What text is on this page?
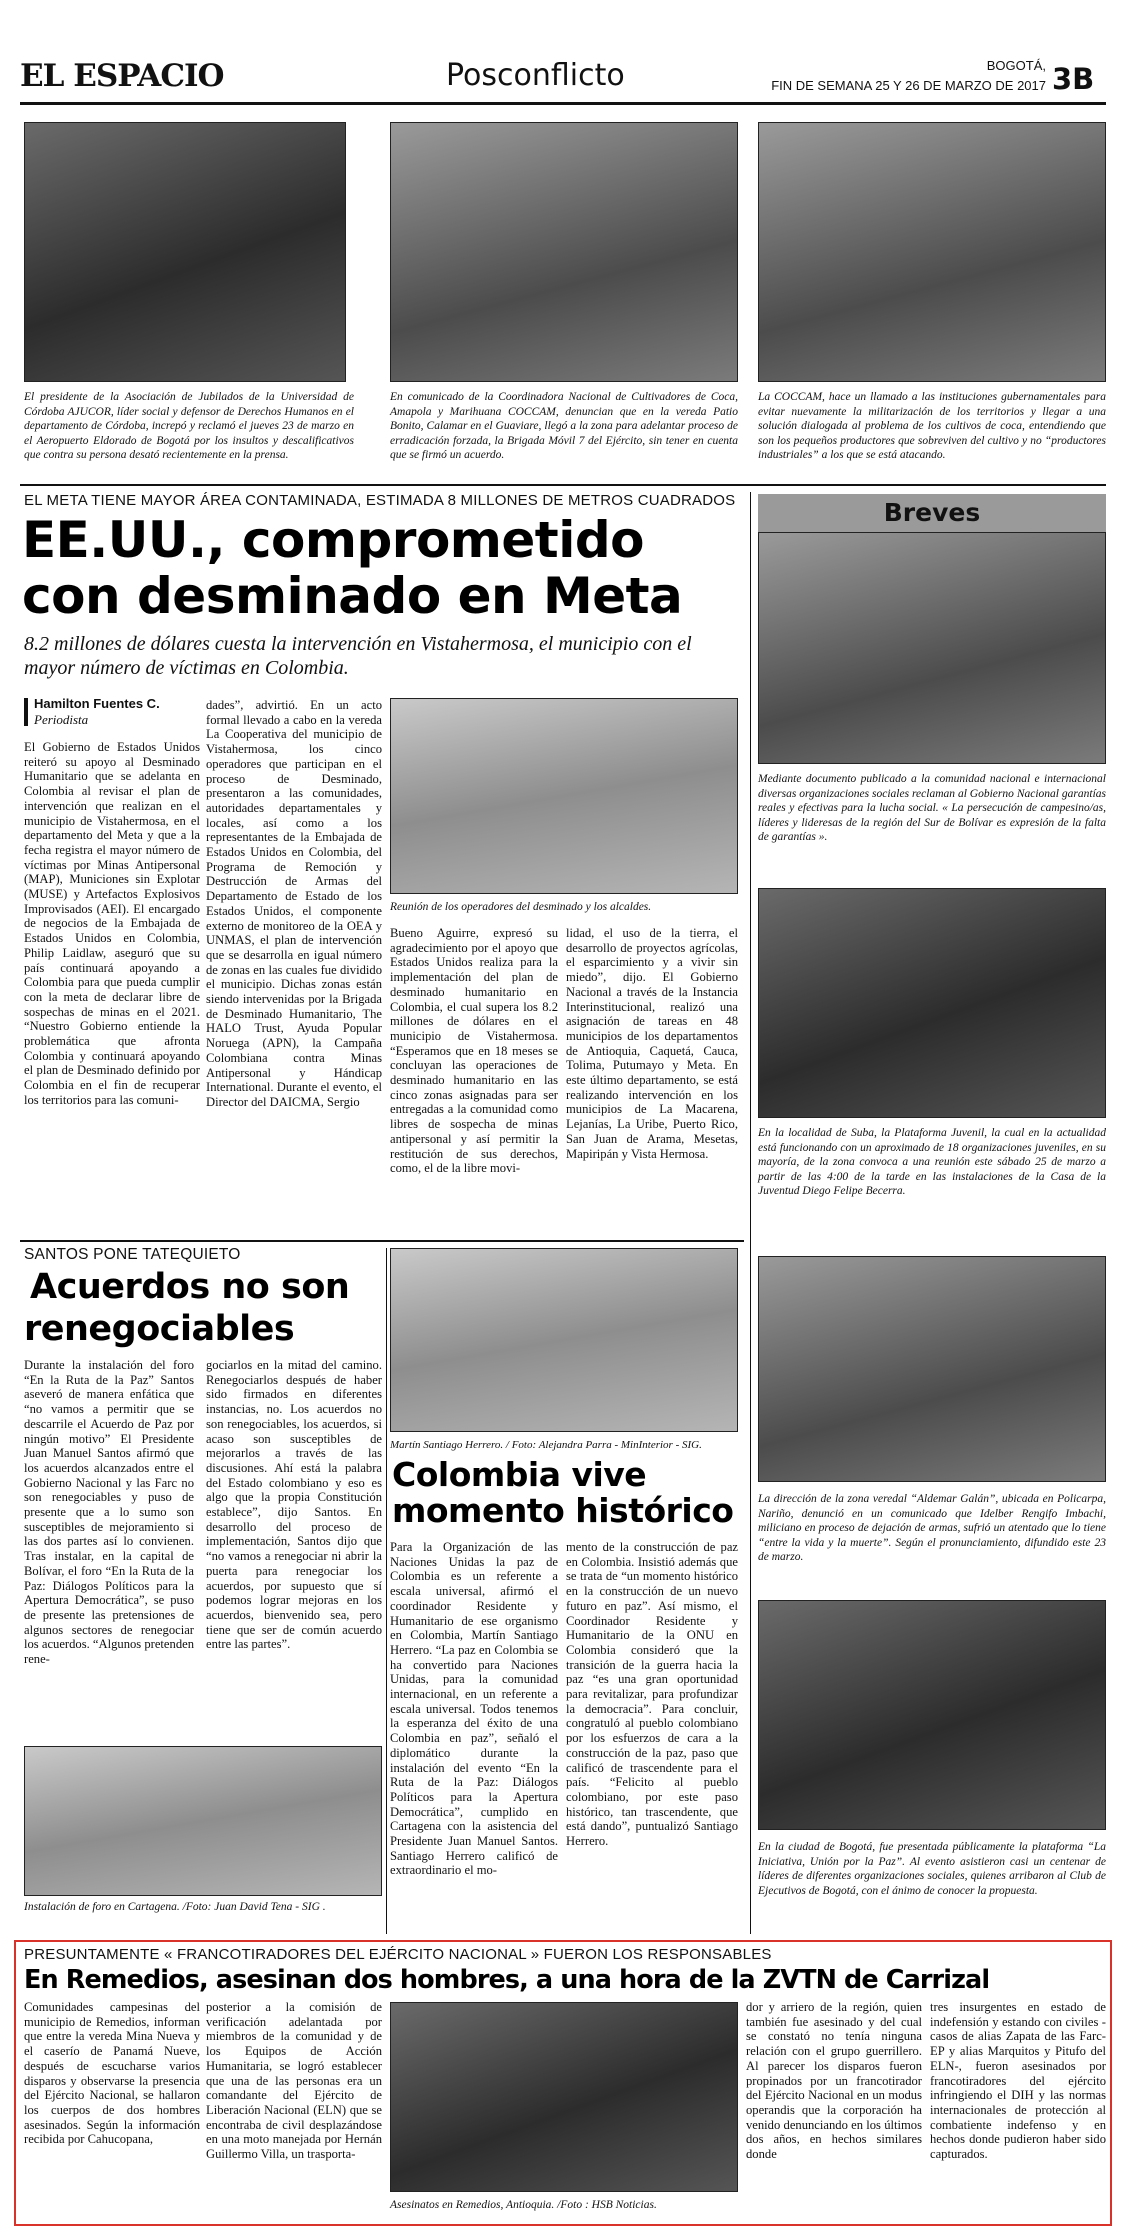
EL ESPACIO	Posconflicto	BOGOTÁ,
FIN DE SEMANA 25 Y 26 DE MARZO DE 2017 3B
El presidente de la Asociación de Jubilados de la Universidad de Córdoba AJUCOR, líder social y defensor de Derechos Humanos en el departamento de Córdoba, increpó y reclamó el jueves 23 de marzo en el Aeropuerto Eldorado de Bogotá por los insultos y descalificativos que contra su persona desató recientemente en la prensa.
En comunicado de la Coordinadora Nacional de Cultivadores de Coca, Amapola y Marihuana COCCAM, denuncian que en la vereda Patio Bonito, Calamar en el Guaviare, llegó a la zona para adelantar proceso de erradicación forzada, la Brigada Móvil 7 del Ejército, sin tener en cuenta que se firmó un acuerdo.
La COCCAM, hace un llamado a las instituciones gubernamentales para evitar nuevamente la militarización de los territorios y llegar a una solución dialogada al problema de los cultivos de coca, entendiendo que son los pequeños productores que sobreviven del cultivo y no “productores industriales” a los que se está atacando.
EL META TIENE MAYOR ÁREA CONTAMINADA, ESTIMADA 8 MILLONES DE METROS CUADRADOS
EE.UU., comprometido
con desminado en Meta
8.2 millones de dólares cuesta la intervención en Vistahermosa, el municipio con el mayor número de víctimas en Colombia.
Hamilton Fuentes C.
Periodista
El Gobierno de Estados Unidos reiteró su apoyo al Desminado Humanitario que se adelanta en Colombia al revisar el plan de intervención que realizan en el municipio de Vistahermosa, en el departamento del Meta y que a la fecha registra el mayor número de víctimas por Minas Antipersonal (MAP), Municiones sin Explotar (MUSE) y Artefactos Explosivos Improvisados (AEI). El encargado de negocios de la Embajada de Estados Unidos en Colombia, Philip Laidlaw, aseguró que su país continuará apoyando a Colombia para que pueda cumplir con la meta de declarar libre de sospechas de minas en el 2021. “Nuestro Gobierno entiende la problemática que afronta Colombia y continuará apoyando el plan de Desminado definido por Colombia en el fin de recuperar los territorios para las comuni-
dades”, advirtió. En un acto formal llevado a cabo en la vereda La Cooperativa del municipio de Vistahermosa, los cinco operadores que participan en el proceso de Desminado, presentaron a las comunidades, autoridades departamentales y locales, así como a los representantes de la Embajada de Estados Unidos en Colombia, del Programa de Remoción y Destrucción de Armas del Departamento de Estado de los Estados Unidos, el componente externo de monitoreo de la OEA y UNMAS, el plan de intervención que se desarrolla en igual número de zonas en las cuales fue dividido el municipio. Dichas zonas están siendo intervenidas por la Brigada de Desminado Humanitario, The HALO Trust, Ayuda Popular Noruega (APN), la Campaña Colombiana contra Minas Antipersonal y Hándicap International. Durante el evento, el Director del DAICMA, Sergio
Reunión de los operadores del desminado y los alcaldes.
Bueno Aguirre, expresó su agradecimiento por el apoyo que Estados Unidos realiza para la implementación del plan de desminado humanitario en Colombia, el cual supera los 8.2 millones de dólares en el municipio de Vistahermosa. “Esperamos que en 18 meses se concluyan las operaciones de desminado humanitario en las cinco zonas asignadas para ser entregadas a la comunidad como libres de sospecha de minas antipersonal y así permitir la restitución de sus derechos, como, el de la libre movi-
lidad, el uso de la tierra, el desarrollo de proyectos agrícolas, el esparcimiento y a vivir sin miedo”, dijo. El Gobierno Nacional a través de la Instancia Interinstitucional, realizó una asignación de tareas en 48 municipios de los departamentos de Antioquia, Caquetá, Cauca, Tolima, Putumayo y Meta. En este último departamento, se está realizando intervención en los municipios de La Macarena, Lejanías, La Uribe, Puerto Rico, San Juan de Arama, Mesetas, Mapiripán y Vista Hermosa.
Breves
Mediante documento publicado a la comunidad nacional e internacional diversas organizaciones sociales reclaman al Gobierno Nacional garantías reales y efectivas para la lucha social. « La persecución de campesino/as, líderes y lideresas de la región del Sur de Bolívar es expresión de la falta de garantías ».
En la localidad de Suba, la Plataforma Juvenil, la cual en la actualidad está funcionando con un aproximado de 18 organizaciones juveniles, en su mayoría, de la zona convoca a una reunión este sábado 25 de marzo a partir de las 4:00 de la tarde en las instalaciones de la Casa de la Juventud Diego Felipe Becerra.
La dirección de la zona veredal “Aldemar Galán”, ubicada en Policarpa, Nariño, denunció en un comunicado que Idelber Rengifo Imbachi, miliciano en proceso de dejación de armas, sufrió un atentado que lo tiene “entre la vida y la muerte”. Según el pronunciamiento, difundido este 23 de marzo.
En la ciudad de Bogotá, fue presentada públicamente la plataforma “La Iniciativa, Unión por la Paz”. Al evento asistieron casi un centenar de líderes de diferentes organizaciones sociales, quienes arribaron al Club de Ejecutivos de Bogotá, con el ánimo de conocer la propuesta.
SANTOS PONE TATEQUIETO
Acuerdos no son
renegociables
Durante la instalación del foro “En la Ruta de la Paz” Santos aseveró de manera enfática que “no vamos a permitir que se descarrile el Acuerdo de Paz por ningún motivo” El Presidente Juan Manuel Santos afirmó que los acuerdos alcanzados entre el Gobierno Nacional y las Farc no son renegociables y puso de presente que a lo sumo son susceptibles de mejoramiento si las dos partes así lo convienen. Tras instalar, en la capital de Bolívar, el foro “En la Ruta de la Paz: Diálogos Políticos para la Apertura Democrática”, se puso de presente las pretensiones de algunos sectores de renegociar los acuerdos. “Algunos pretenden rene-
gociarlos en la mitad del camino. Renegociarlos después de haber sido firmados en diferentes instancias, no. Los acuerdos no son renegociables, los acuerdos, si acaso son susceptibles de mejorarlos a través de las discusiones. Ahí está la palabra del Estado colombiano y eso es algo que la propia Constitución establece”, dijo Santos. En desarrollo del proceso de implementación, Santos dijo que “no vamos a renegociar ni abrir la puerta para renegociar los acuerdos, por supuesto que sí podemos lograr mejoras en los acuerdos, bienvenido sea, pero tiene que ser de común acuerdo entre las partes”.
Instalación de foro en Cartagena. /Foto: Juan David Tena - SIG .
Martín Santiago Herrero. / Foto: Alejandra Parra - MinInterior - SIG.
Colombia vive
momento histórico
Para la Organización de las Naciones Unidas la paz de Colombia es un referente a escala universal, afirmó el coordinador Residente y Humanitario de ese organismo en Colombia, Martín Santiago Herrero. “La paz en Colombia se ha convertido para Naciones Unidas, para la comunidad internacional, en un referente a escala universal. Todos tenemos la esperanza del éxito de una Colombia en paz”, señaló el diplomático durante la instalación del evento “En la Ruta de la Paz: Diálogos Políticos para la Apertura Democrática”, cumplido en Cartagena con la asistencia del Presidente Juan Manuel Santos. Santiago Herrero calificó de extraordinario el mo-
mento de la construcción de paz en Colombia. Insistió además que se trata de “un momento histórico en la construcción de un nuevo futuro en paz”. Así mismo, el Coordinador Residente y Humanitario de la ONU en Colombia consideró que la transición de la guerra hacia la paz “es una gran oportunidad para revitalizar, para profundizar la democracia”. Para concluir, congratuló al pueblo colombiano por los esfuerzos de cara a la construcción de la paz, paso que calificó de trascendente para el país. “Felicito al pueblo colombiano, por este paso histórico, tan trascendente, que está dando”, puntualizó Santiago Herrero.
PRESUNTAMENTE « FRANCOTIRADORES DEL EJÉRCITO NACIONAL » FUERON LOS RESPONSABLES
En Remedios, asesinan dos hombres, a una hora de la ZVTN de Carrizal
Comunidades campesinas del municipio de Remedios, informan que entre la vereda Mina Nueva y el caserío de Panamá Nueve, después de escucharse varios disparos y observarse la presencia del Ejército Nacional, se hallaron los cuerpos de dos hombres asesinados. Según la información recibida por Cahucopana,
posterior a la comisión de verificación adelantada por miembros de la comunidad y de los Equipos de Acción Humanitaria, se logró establecer que una de las personas era un comandante del Ejército de Liberación Nacional (ELN) que se encontraba de civil desplazándose en una moto manejada por Hernán Guillermo Villa, un trasporta-
Asesinatos en Remedios, Antioquia. /Foto : HSB Noticias.
dor y arriero de la región, quien también fue asesinado y del cual se constató no tenía ninguna relación con el grupo guerrillero. Al parecer los disparos fueron propinados por un francotirador del Ejército Nacional en un modus operandis que la corporación ha venido denunciando en los últimos dos años, en hechos similares donde
tres insurgentes en estado de indefensión y estando con civiles -casos de alias Zapata de las Farc-EP y alias Marquitos y Pitufo del ELN-, fueron asesinados por francotiradores del ejército infringiendo el DIH y las normas internacionales de protección al combatiente indefenso y en hechos donde pudieron haber sido capturados.
